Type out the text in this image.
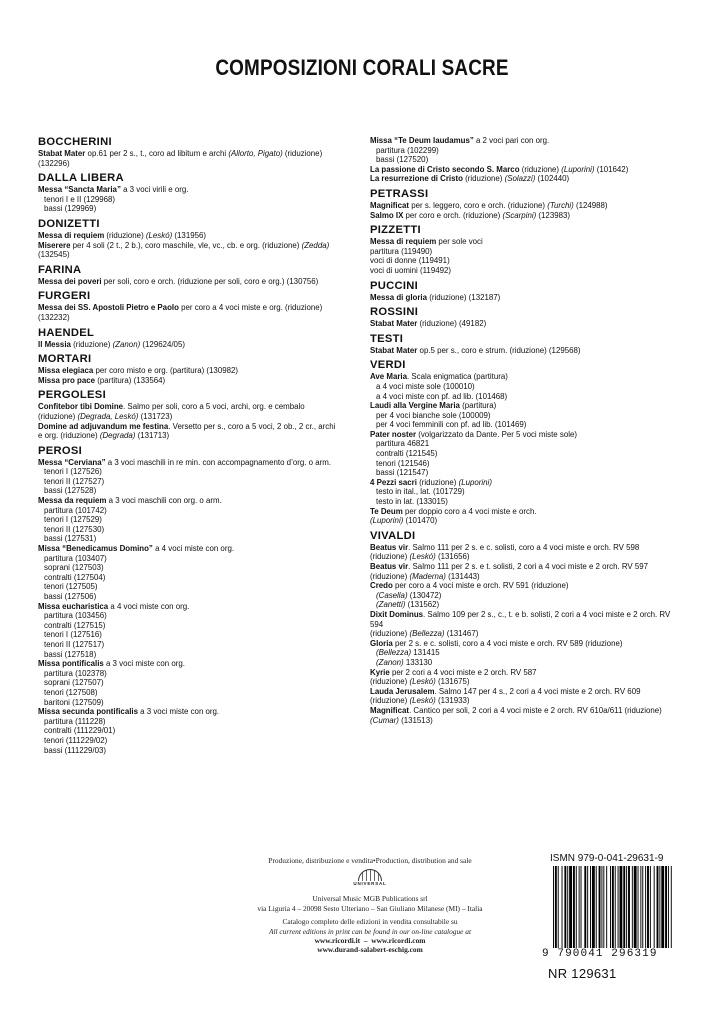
COMPOSIZIONI CORALI SACRE
BOCCHERINI
Stabat Mater op.61 per 2 s., t., coro ad libitum e archi (Allorto, Pigato) (riduzione) (132296)
DALLA LIBERA
Messa “Sancta Maria” a 3 voci virili e org.
tenori I e II (129968)
bassi (129969)
DONIZETTI
Messa di requiem (riduzione) (Leskó) (131956)
Miserere per 4 soli (2 t., 2 b.), coro maschile, vle, vc., cb. e org. (riduzione) (Zedda) (132545)
FARINA
Messa dei poveri per soli, coro e orch. (riduzione per soli, coro e org.) (130756)
FURGERI
Messa dei SS. Apostoli Pietro e Paolo per coro a 4 voci miste e org. (riduzione) (132232)
HAENDEL
Il Messia (riduzione) (Zanon) (129624/05)
MORTARI
Missa elegiaca per coro misto e org. (partitura) (130982)
Missa pro pace (partitura) (133564)
PERGOLESI
Confitebor tibi Domine. Salmo per soli, coro a 5 voci, archi, org. e cembalo (riduzione) (Degrada, Leskó) (131723)
Domine ad adjuvandum me festina. Versetto per s., coro a 5 voci, 2 ob., 2 cr., archi e org. (riduzione) (Degrada) (131713)
PEROSI
Messa “Cerviana” a 3 voci maschili in re min. con accompagnamento d’org. o arm.
tenori I (127526)
tenori II (127527)
bassi (127528)
Messa da requiem a 3 voci maschili con org. o arm.
partitura (101742)
tenori I (127529)
tenori II (127530)
bassi (127531)
Missa “Benedicamus Domino” a 4 voci miste con org.
partitura (103407)
soprani (127503)
contralti (127504)
tenori (127505)
bassi (127506)
Missa eucharistica a 4 voci miste con org.
partitura (103456)
contralti (127515)
tenori I (127516)
tenori II (127517)
bassi (127518)
Missa pontificalis a 3 voci miste con org.
partitura (102378)
soprani (127507)
tenori (127508)
baritoni (127509)
Missa secunda pontificalis a 3 voci miste con org.
partitura (111228)
contralti (111229/01)
tenori (111229/02)
bassi (111229/03)
Missa “Te Deum laudamus” a 2 voci pari con org.
partitura (102299)
bassi (127520)
La passione di Cristo secondo S. Marco (riduzione) (Luporini) (101642)
La resurrezione di Cristo (riduzione) (Solazzi) (102440)
PETRASSI
Magnificat per s. leggero, coro e orch. (riduzione) (Turchi) (124988)
Salmo IX per coro e orch. (riduzione) (Scarpini) (123983)
PIZZETTI
Messa di requiem per sole voci
partitura (119490)
voci di donne (119491)
voci di uomini (119492)
PUCCINI
Messa di gloria (riduzione) (132187)
ROSSINI
Stabat Mater (riduzione) (49182)
TESTI
Stabat Mater op.5 per s., coro e strum. (riduzione) (129568)
VERDI
Ave Maria. Scala enigmatica (partitura)
a 4 voci miste sole (100010)
a 4 voci miste con pf. ad lib. (101468)
Laudi alla Vergine Maria (partitura)
per 4 voci bianche sole (100009)
per 4 voci femminili con pf. ad lib. (101469)
Pater noster (volgarizzato da Dante. Per 5 voci miste sole)
partitura 46821
contralti (121545)
tenori (121546)
bassi (121547)
4 Pezzi sacri (riduzione) (Luporini)
testo in ital., lat. (101729)
testo in lat. (133015)
Te Deum per doppio coro a 4 voci miste e orch.
(Luporini) (101470)
VIVALDI
Beatus vir. Salmo 111 per 2 s. e c. solisti, coro a 4 voci miste e orch. RV 598 (riduzione) (Leskó) (131656)
Beatus vir. Salmo 111 per 2 s. e t. solisti, 2 cori a 4 voci miste e 2 orch. RV 597 (riduzione) (Maderna) (131443)
Credo per coro a 4 voci miste e orch. RV 591 (riduzione)
(Casella) (130472)
(Zanetti) (131562)
Dixit Dominus. Salmo 109 per 2 s., c., t. e b. solisti, 2 cori a 4 voci miste e 2 orch. RV 594
(riduzione) (Bellezza) (131467)
Gloria per 2 s. e c. solisti, coro a 4 voci miste e orch. RV 589 (riduzione)
(Bellezza) 131415
(Zanon) 133130
Kyrie per 2 cori a 4 voci miste e 2 orch. RV 587
(riduzione) (Leskó) (131675)
Lauda Jerusalem. Salmo 147 per 4 s., 2 cori a 4 voci miste e 2 orch. RV 609 (riduzione) (Leskó) (131933)
Magnificat. Cantico per soli, 2 cori a 4 voci miste e 2 orch. RV 610a/611 (riduzione) (Cumar) (131513)
Produzione, distribuzione e vendita•Production, distribution and sale
UNIVERSAL
Universal Music MGB Publications srl
via Liguria 4 – 20098 Sesto Ulteriano – San Giuliano Milanese (MI) – Italia
Catalogo completo delle edizioni in vendita consultabile su
All current editions in print can be found in our on-line catalogue at
www.ricordi.it  –  www.ricordi.com
www.durand-salabert-eschig.com
ISMN 979-0-041-29631-9
9 790041 296319
NR 129631
